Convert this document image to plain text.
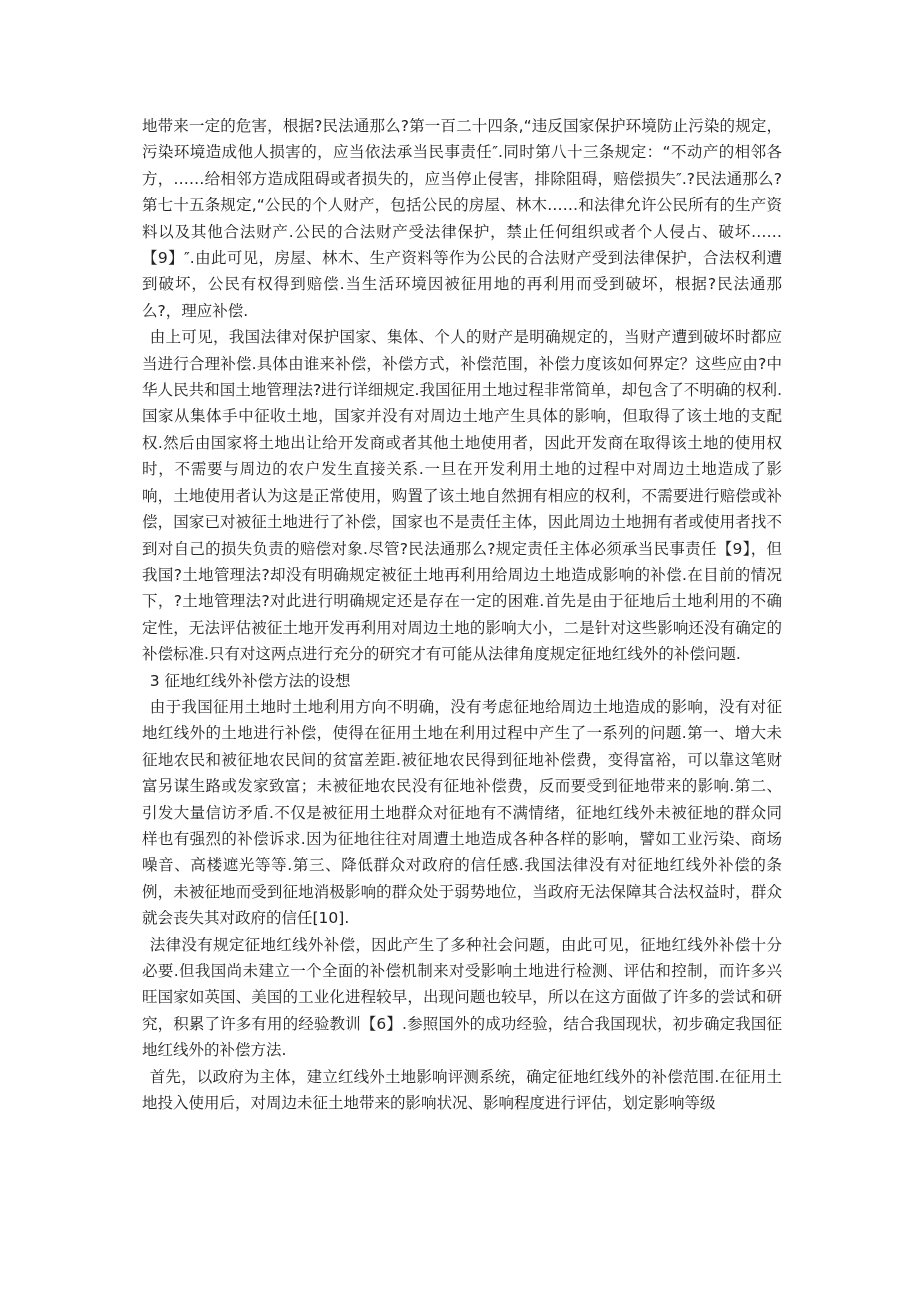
地带来一定的危害，根据?民法通那么?第一百二十四条,“违反国家保护环境防止污染的规定，污染环境造成他人损害的，应当依法承当民事责任″.同时第八十三条规定：“不动产的相邻各方，……给相邻方造成阻碍或者损失的，应当停止侵害，排除阻碍，赔偿损失″.?民法通那么?第七十五条规定,“公民的个人财产，包括公民的房屋、林木……和法律允许公民所有的生产资料以及其他合法财产.公民的合法财产受法律保护，禁止任何组织或者个人侵占、破坏……【9】″.由此可见，房屋、林木、生产资料等作为公民的合法财产受到法律保护，合法权利遭到破坏，公民有权得到赔偿.当生活环境因被征用地的再利用而受到破坏，根据?民法通那么?，理应补偿.

由上可见，我国法律对保护国家、集体、个人的财产是明确规定的，当财产遭到破坏时都应当进行合理补偿.具体由谁来补偿，补偿方式，补偿范围，补偿力度该如何界定？这些应由?中华人民共和国土地管理法?进行详细规定.我国征用土地过程非常简单，却包含了不明确的权利.国家从集体手中征收土地，国家并没有对周边土地产生具体的影响，但取得了该土地的支配权.然后由国家将土地出让给开发商或者其他土地使用者，因此开发商在取得该土地的使用权时，不需要与周边的农户发生直接关系.一旦在开发利用土地的过程中对周边土地造成了影响，土地使用者认为这是正常使用，购置了该土地自然拥有相应的权利，不需要进行赔偿或补偿，国家已对被征土地进行了补偿，国家也不是责任主体，因此周边土地拥有者或使用者找不到对自己的损失负责的赔偿对象.尽管?民法通那么?规定责任主体必须承当民事责任【9】，但我国?土地管理法?却没有明确规定被征土地再利用给周边土地造成影响的补偿.在目前的情况下，?土地管理法?对此进行明确规定还是存在一定的困难.首先是由于征地后土地利用的不确定性，无法评估被征土地开发再利用对周边土地的影响大小，二是针对这些影响还没有确定的补偿标准.只有对这两点进行充分的研究才有可能从法律角度规定征地红线外的补偿问题.

3 征地红线外补偿方法的设想

由于我国征用土地时土地利用方向不明确，没有考虑征地给周边土地造成的影响，没有对征地红线外的土地进行补偿，使得在征用土地在利用过程中产生了一系列的问题.第一、增大未征地农民和被征地农民间的贫富差距.被征地农民得到征地补偿费，变得富裕，可以靠这笔财富另谋生路或发家致富；未被征地农民没有征地补偿费，反而要受到征地带来的影响.第二、引发大量信访矛盾.不仅是被征用土地群众对征地有不满情绪，征地红线外未被征地的群众同样也有强烈的补偿诉求.因为征地往往对周遭土地造成各种各样的影响，譬如工业污染、商场噪音、高楼遮光等等.第三、降低群众对政府的信任感.我国法律没有对征地红线外补偿的条例，未被征地而受到征地消极影响的群众处于弱势地位，当政府无法保障其合法权益时，群众就会丧失其对政府的信任[10].

法律没有规定征地红线外补偿，因此产生了多种社会问题，由此可见，征地红线外补偿十分必要.但我国尚未建立一个全面的补偿机制来对受影响土地进行检测、评估和控制，而许多兴旺国家如英国、美国的工业化进程较早，出现问题也较早，所以在这方面做了许多的尝试和研究，积累了许多有用的经验教训【6】.参照国外的成功经验，结合我国现状，初步确定我国征地红线外的补偿方法.

首先，以政府为主体，建立红线外土地影响评测系统，确定征地红线外的补偿范围.在征用土地投入使用后，对周边未征土地带来的影响状况、影响程度进行评估，划定影响等级
